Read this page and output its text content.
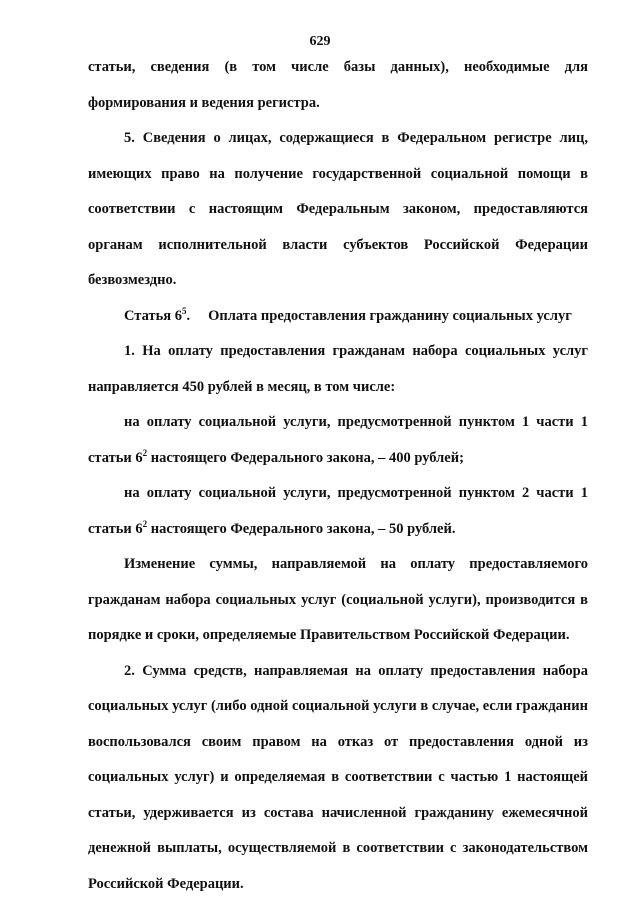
629

статьи, сведения (в том числе базы данных), необходимые для формирования и ведения регистра.

5. Сведения о лицах, содержащиеся в Федеральном регистре лиц, имеющих право на получение государственной социальной помощи в соответствии с настоящим Федеральным законом, предоставляются органам исполнительной власти субъектов Российской Федерации безвозмездно.

Статья $6^5$. Оплата предоставления гражданину социальных услуг

1. На оплату предоставления гражданам набора социальных услуг направляется 450 рублей в месяц, в том числе:

на оплату социальной услуги, предусмотренной пунктом 1 части 1 статьи $6^2$ настоящего Федерального закона, – 400 рублей;

на оплату социальной услуги, предусмотренной пунктом 2 части 1 статьи $6^2$ настоящего Федерального закона, – 50 рублей.

Изменение суммы, направляемой на оплату предоставляемого гражданам набора социальных услуг (социальной услуги), производится в порядке и сроки, определяемые Правительством Российской Федерации.

2. Сумма средств, направляемая на оплату предоставления набора социальных услуг (либо одной социальной услуги в случае, если гражданин воспользовался своим правом на отказ от предоставления одной из социальных услуг) и определяемая в соответствии с частью 1 настоящей статьи, удерживается из состава начисленной гражданину ежемесячной денежной выплаты, осуществляемой в соответствии с законодательством Российской Федерации.
